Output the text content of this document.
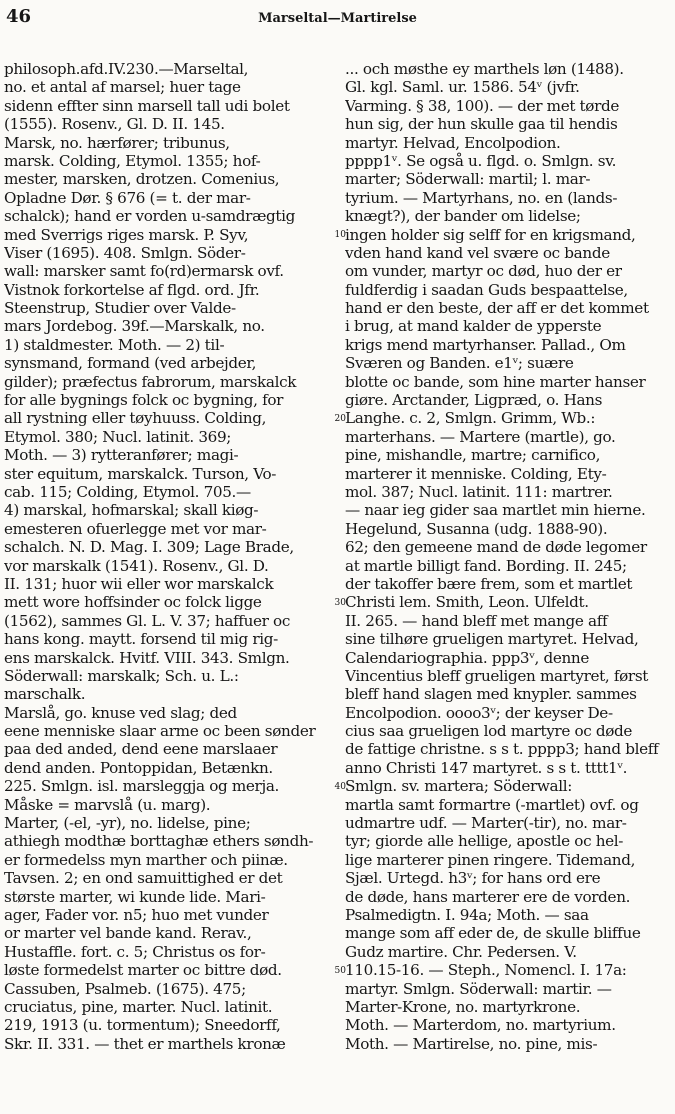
46	Marseltal—Martirelse
philosoph.afd.IV.230.—Marseltal,
no. et antal af marsel; huer tage
sidenn effter sinn marsell tall udi bolet
(1555). Rosenv., Gl. D. II. 145.
Marsk, no. hærfører; tribunus,
marsk. Colding, Etymol. 1355; hof-
mester, marsken, drotzen. Comenius,
Opladne Dør. § 676 (= t. der mar-
schalck); hand er vorden u-samdrægtig
med Sverrigs riges marsk. P. Syv,
Viser (1695). 408. Smlgn. Söder-
wall: marsker samt fo(rd)ermarsk ovf.
Vistnok forkortelse af flgd. ord. Jfr.
Steenstrup, Studier over Valde-
mars Jordebog. 39f.—Marskalk, no.
1) staldmester. Moth. — 2) til-
synsmand, formand (ved arbejder,
gilder); præfectus fabrorum, marskalck
for alle bygnings folck oc bygning, for
all rystning eller tøyhuuss. Colding,
Etymol. 380; Nucl. latinit. 369;
Moth. — 3) rytteranfører; magi-
ster equitum, marskalck. Turson, Vo-
cab. 115; Colding, Etymol. 705.—
4) marskal, hofmarskal; skall kiøg-
emesteren ofuerlegge met vor mar-
schalch. N. D. Mag. I. 309; Lage Brade,
vor marskalk (1541). Rosenv., Gl. D.
II. 131; huor wii eller wor marskalck
mett wore hoffsinder oc folck ligge
(1562), sammes Gl. L. V. 37; haffuer oc
hans kong. maytt. forsend til mig rig-
ens marskalck. Hvitf. VIII. 343. Smlgn.
Söderwall: marskalk; Sch. u. L.:
marschalk.
Marslå, go. knuse ved slag; ded
eene menniske slaar arme oc been sønder
paa ded anded, dend eene marslaaer
dend anden. Pontoppidan, Betænkn.
225. Smlgn. isl. marsleggja og merja.
Måske = marvslå (u. marg).
Marter, (-el, -yr), no. lidelse, pine;
athiegh modthæ borttaghæ ethers søndh-
er formedelss myn marther och piinæ.
Tavsen. 2; en ond samuittighed er det
største marter, wi kunde lide. Mari-
ager, Fader vor. n5; huo met vunder
or marter vel bande kand. Rerav.,
Hustaffle. fort. c. 5; Christus os for-
løste formedelst marter oc bittre død.
Cassuben, Psalmeb. (1675). 475;
cruciatus, pine, marter. Nucl. latinit.
219, 1913 (u. tormentum); Sneedorff,
Skr. II. 331. — thet er marthels kronæ
10
20
30
40
50
... och møsthe ey marthels løn (1488).
Gl. kgl. Saml. ur. 1586. 54ᵛ (jvfr.
Varming. § 38, 100). — der met tørde
hun sig, der hun skulle gaa til hendis
martyr. Helvad, Encolpodion.
pppp1ᵛ. Se også u. flgd. o. Smlgn. sv.
marter; Söderwall: martil; l. mar-
tyrium. — Martyrhans, no. en (lands-
knægt?), der bander om lidelse;
ingen holder sig selff for en krigsmand,
vden hand kand vel svære oc bande
om vunder, martyr oc død, huo der er
fuldferdig i saadan Guds bespaattelse,
hand er den beste, der aff er det kommet
i brug, at mand kalder de ypperste
krigs mend martyrhanser. Pallad., Om
Sværen og Banden. e1ᵛ; suære
blotte oc bande, som hine marter hanser
giøre. Arctander, Ligpræd, o. Hans
Langhe. c. 2, Smlgn. Grimm, Wb.:
marterhans. — Martere (martle), go.
pine, mishandle, martre; carnifico,
marterer it menniske. Colding, Ety-
mol. 387; Nucl. latinit. 111: martrer.
— naar ieg gider saa martlet min hierne.
Hegelund, Susanna (udg. 1888-90).
62; den gemeene mand de døde legomer
at martle billigt fand. Bording. II. 245;
der takoffer bære frem, som et martlet
Christi lem. Smith, Leon. Ulfeldt.
II. 265. — hand bleff met mange aff
sine tilhøre grueligen martyret. Helvad,
Calendariographia. ppp3ᵛ, denne
Vincentius bleff grueligen martyret, først
bleff hand slagen med knypler. sammes
Encolpodion. oooo3ᵛ; der keyser De-
cius saa grueligen lod martyre oc døde
de fattige christne. s s t. pppp3; hand bleff
anno Christi 147 martyret. s s t. tttt1ᵛ.
Smlgn. sv. martera; Söderwall:
martla samt formartre (-martlet) ovf. og
udmartre udf. — Marter(-tir), no. mar-
tyr; giorde alle hellige, apostle oc hel-
lige marterer pinen ringere. Tidemand,
Sjæl. Urtegd. h3ᵛ; for hans ord ere
de døde, hans marterer ere de vorden.
Psalmedigtn. I. 94a; Moth. — saa
mange som aff eder de, de skulle bliffue
Gudz martire. Chr. Pedersen. V.
110.15-16. — Steph., Nomencl. I. 17a:
martyr. Smlgn. Söderwall: martir. —
Marter-Krone, no. martyrkrone.
Moth. — Marterdom, no. martyrium.
Moth. — Martirelse, no. pine, mis-
